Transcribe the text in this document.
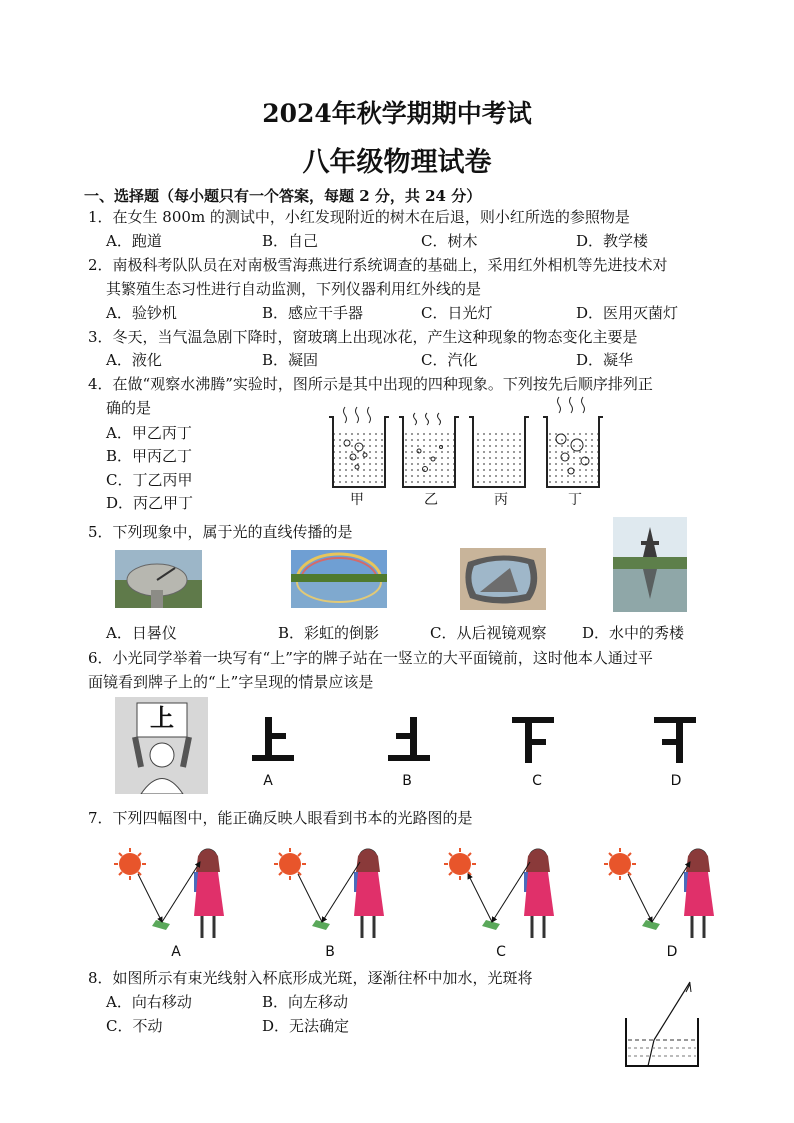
2024年秋学期期中考试
八年级物理试卷
一、选择题（每小题只有一个答案，每题 2 分，共 24 分）
1．在女生 800m 的测试中，小红发现附近的树木在后退，则小红所选的参照物是
A．跑道	B．自己	C．树木	D．教学楼
2．南极科考队队员在对南极雪海燕进行系统调查的基础上，采用红外相机等先进技术对
其繁殖生态习性进行自动监测，下列仪器利用红外线的是
A．验钞机	B．感应干手器	C．日光灯	D．医用灭菌灯
3．冬天，当气温急剧下降时，窗玻璃上出现冰花，产生这种现象的物态变化主要是
A．液化	B．凝固	C．汽化	D．凝华
4．在做“观察水沸腾”实验时，图所示是其中出现的四种现象。下列按先后顺序排列正
确的是
A．甲乙丙丁
B．甲丙乙丁
C．丁乙丙甲
D．丙乙甲丁	甲	乙	丙	丁
5．下列现象中，属于光的直线传播的是
A．日晷仪	B．彩虹的倒影	C．从后视镜观察 D．水中的秀楼
6．小光同学举着一块写有“上”字的牌子站在一竖立的大平面镜前，这时他本人通过平
面镜看到牌子上的“上”字呈现的情景应该是
上
A	B	C	D
7．下列四幅图中，能正确反映人眼看到书本的光路图的是
A	B	C	D
8．如图所示有束光线射入杯底形成光斑，逐渐往杯中加水，光斑将
A．向右移动	B．向左移动
C．不动	D．无法确定
